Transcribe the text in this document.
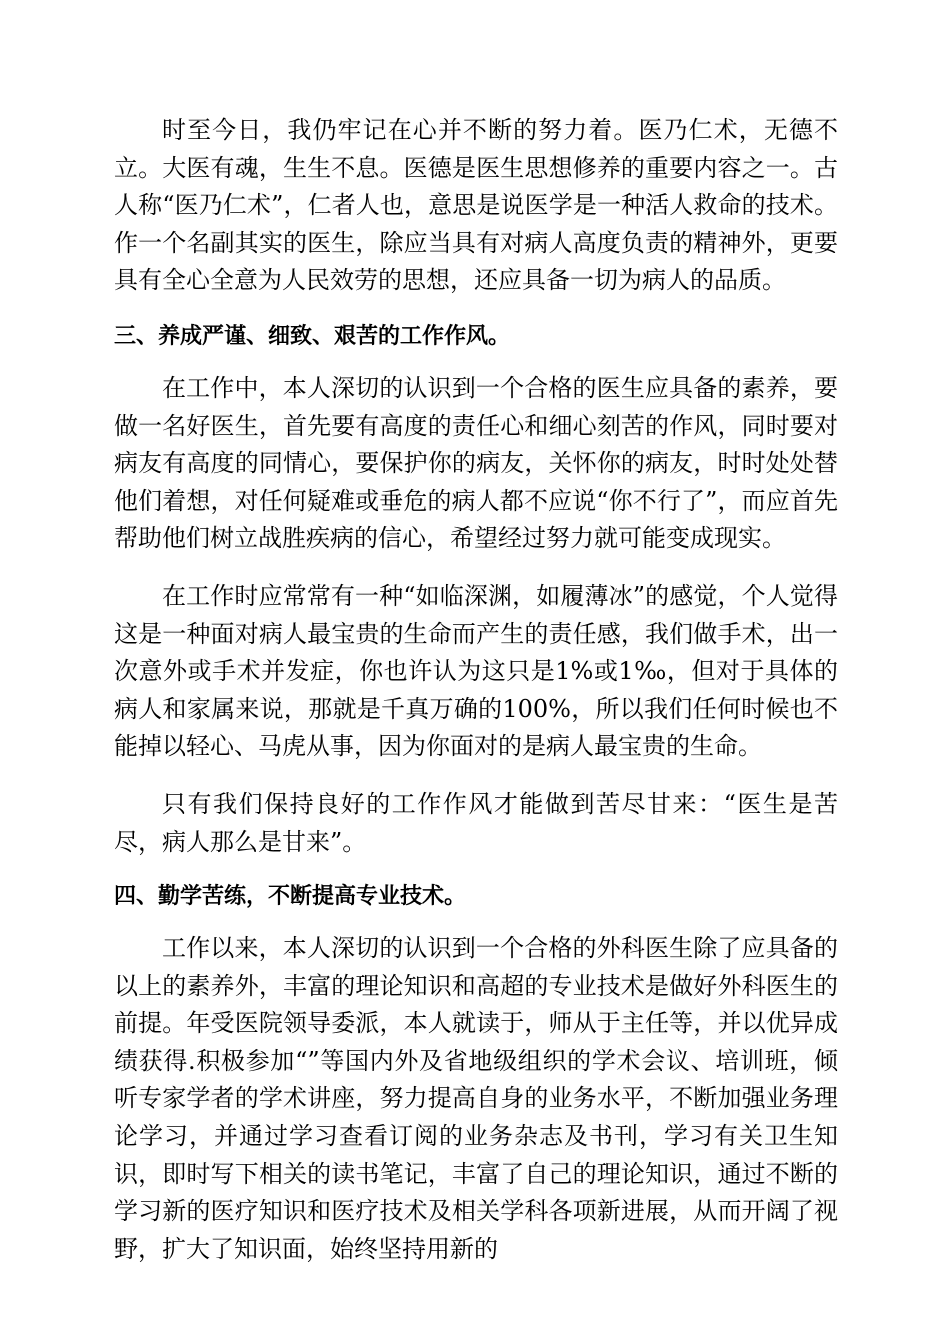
时至今日，我仍牢记在心并不断的努力着。医乃仁术，无德不立。大医有魂，生生不息。医德是医生思想修养的重要内容之一。古人称“医乃仁术”，仁者人也，意思是说医学是一种活人救命的技术。作一个名副其实的医生，除应当具有对病人高度负责的精神外，更要具有全心全意为人民效劳的思想，还应具备一切为病人的品质。

三、养成严谨、细致、艰苦的工作作风。

在工作中，本人深切的认识到一个合格的医生应具备的素养，要做一名好医生，首先要有高度的责任心和细心刻苦的作风，同时要对病友有高度的同情心，要保护你的病友，关怀你的病友，时时处处替他们着想，对任何疑难或垂危的病人都不应说“你不行了”，而应首先帮助他们树立战胜疾病的信心，希望经过努力就可能变成现实。

在工作时应常常有一种“如临深渊，如履薄冰”的感觉，个人觉得这是一种面对病人最宝贵的生命而产生的责任感，我们做手术，出一次意外或手术并发症，你也许认为这只是1%或1‰，但对于具体的病人和家属来说，那就是千真万确的100%，所以我们任何时候也不能掉以轻心、马虎从事，因为你面对的是病人最宝贵的生命。

只有我们保持良好的工作作风才能做到苦尽甘来：“医生是苦尽，病人那么是甘来”。

四、勤学苦练，不断提高专业技术。

工作以来，本人深切的认识到一个合格的外科医生除了应具备的以上的素养外，丰富的理论知识和高超的专业技术是做好外科医生的前提。年受医院领导委派，本人就读于，师从于主任等，并以优异成绩获得.积极参加“”等国内外及省地级组织的学术会议、培训班，倾听专家学者的学术讲座，努力提高自身的业务水平，不断加强业务理论学习，并通过学习查看订阅的业务杂志及书刊，学习有关卫生知识，即时写下相关的读书笔记，丰富了自己的理论知识，通过不断的学习新的医疗知识和医疗技术及相关学科各项新进展，从而开阔了视野，扩大了知识面，始终坚持用新的
